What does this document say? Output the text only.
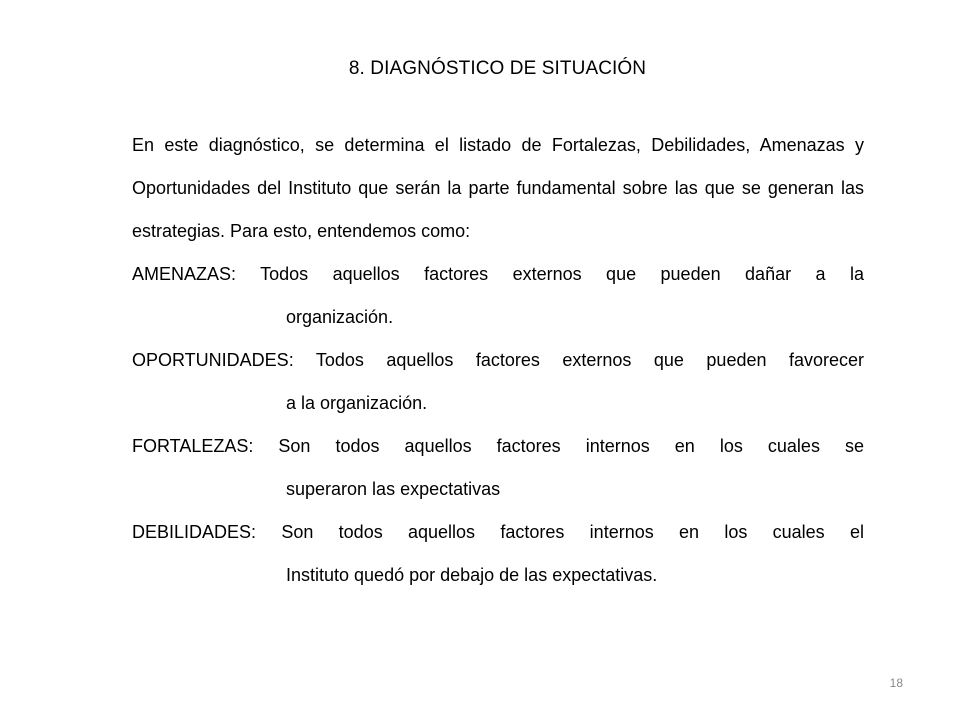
8. DIAGNÓSTICO DE SITUACIÓN

En este diagnóstico, se determina el listado de Fortalezas, Debilidades, Amenazas y Oportunidades del Instituto que serán la parte fundamental sobre las que se generan las estrategias. Para esto, entendemos como:

AMENAZAS: Todos aquellos factores externos que pueden dañar a la
organización.
OPORTUNIDADES: Todos aquellos factores externos que pueden favorecer
a la organización.
FORTALEZAS: Son todos aquellos factores internos en los cuales se
superaron las expectativas
DEBILIDADES: Son todos aquellos factores internos en los cuales el
Instituto quedó por debajo de las expectativas.
18
